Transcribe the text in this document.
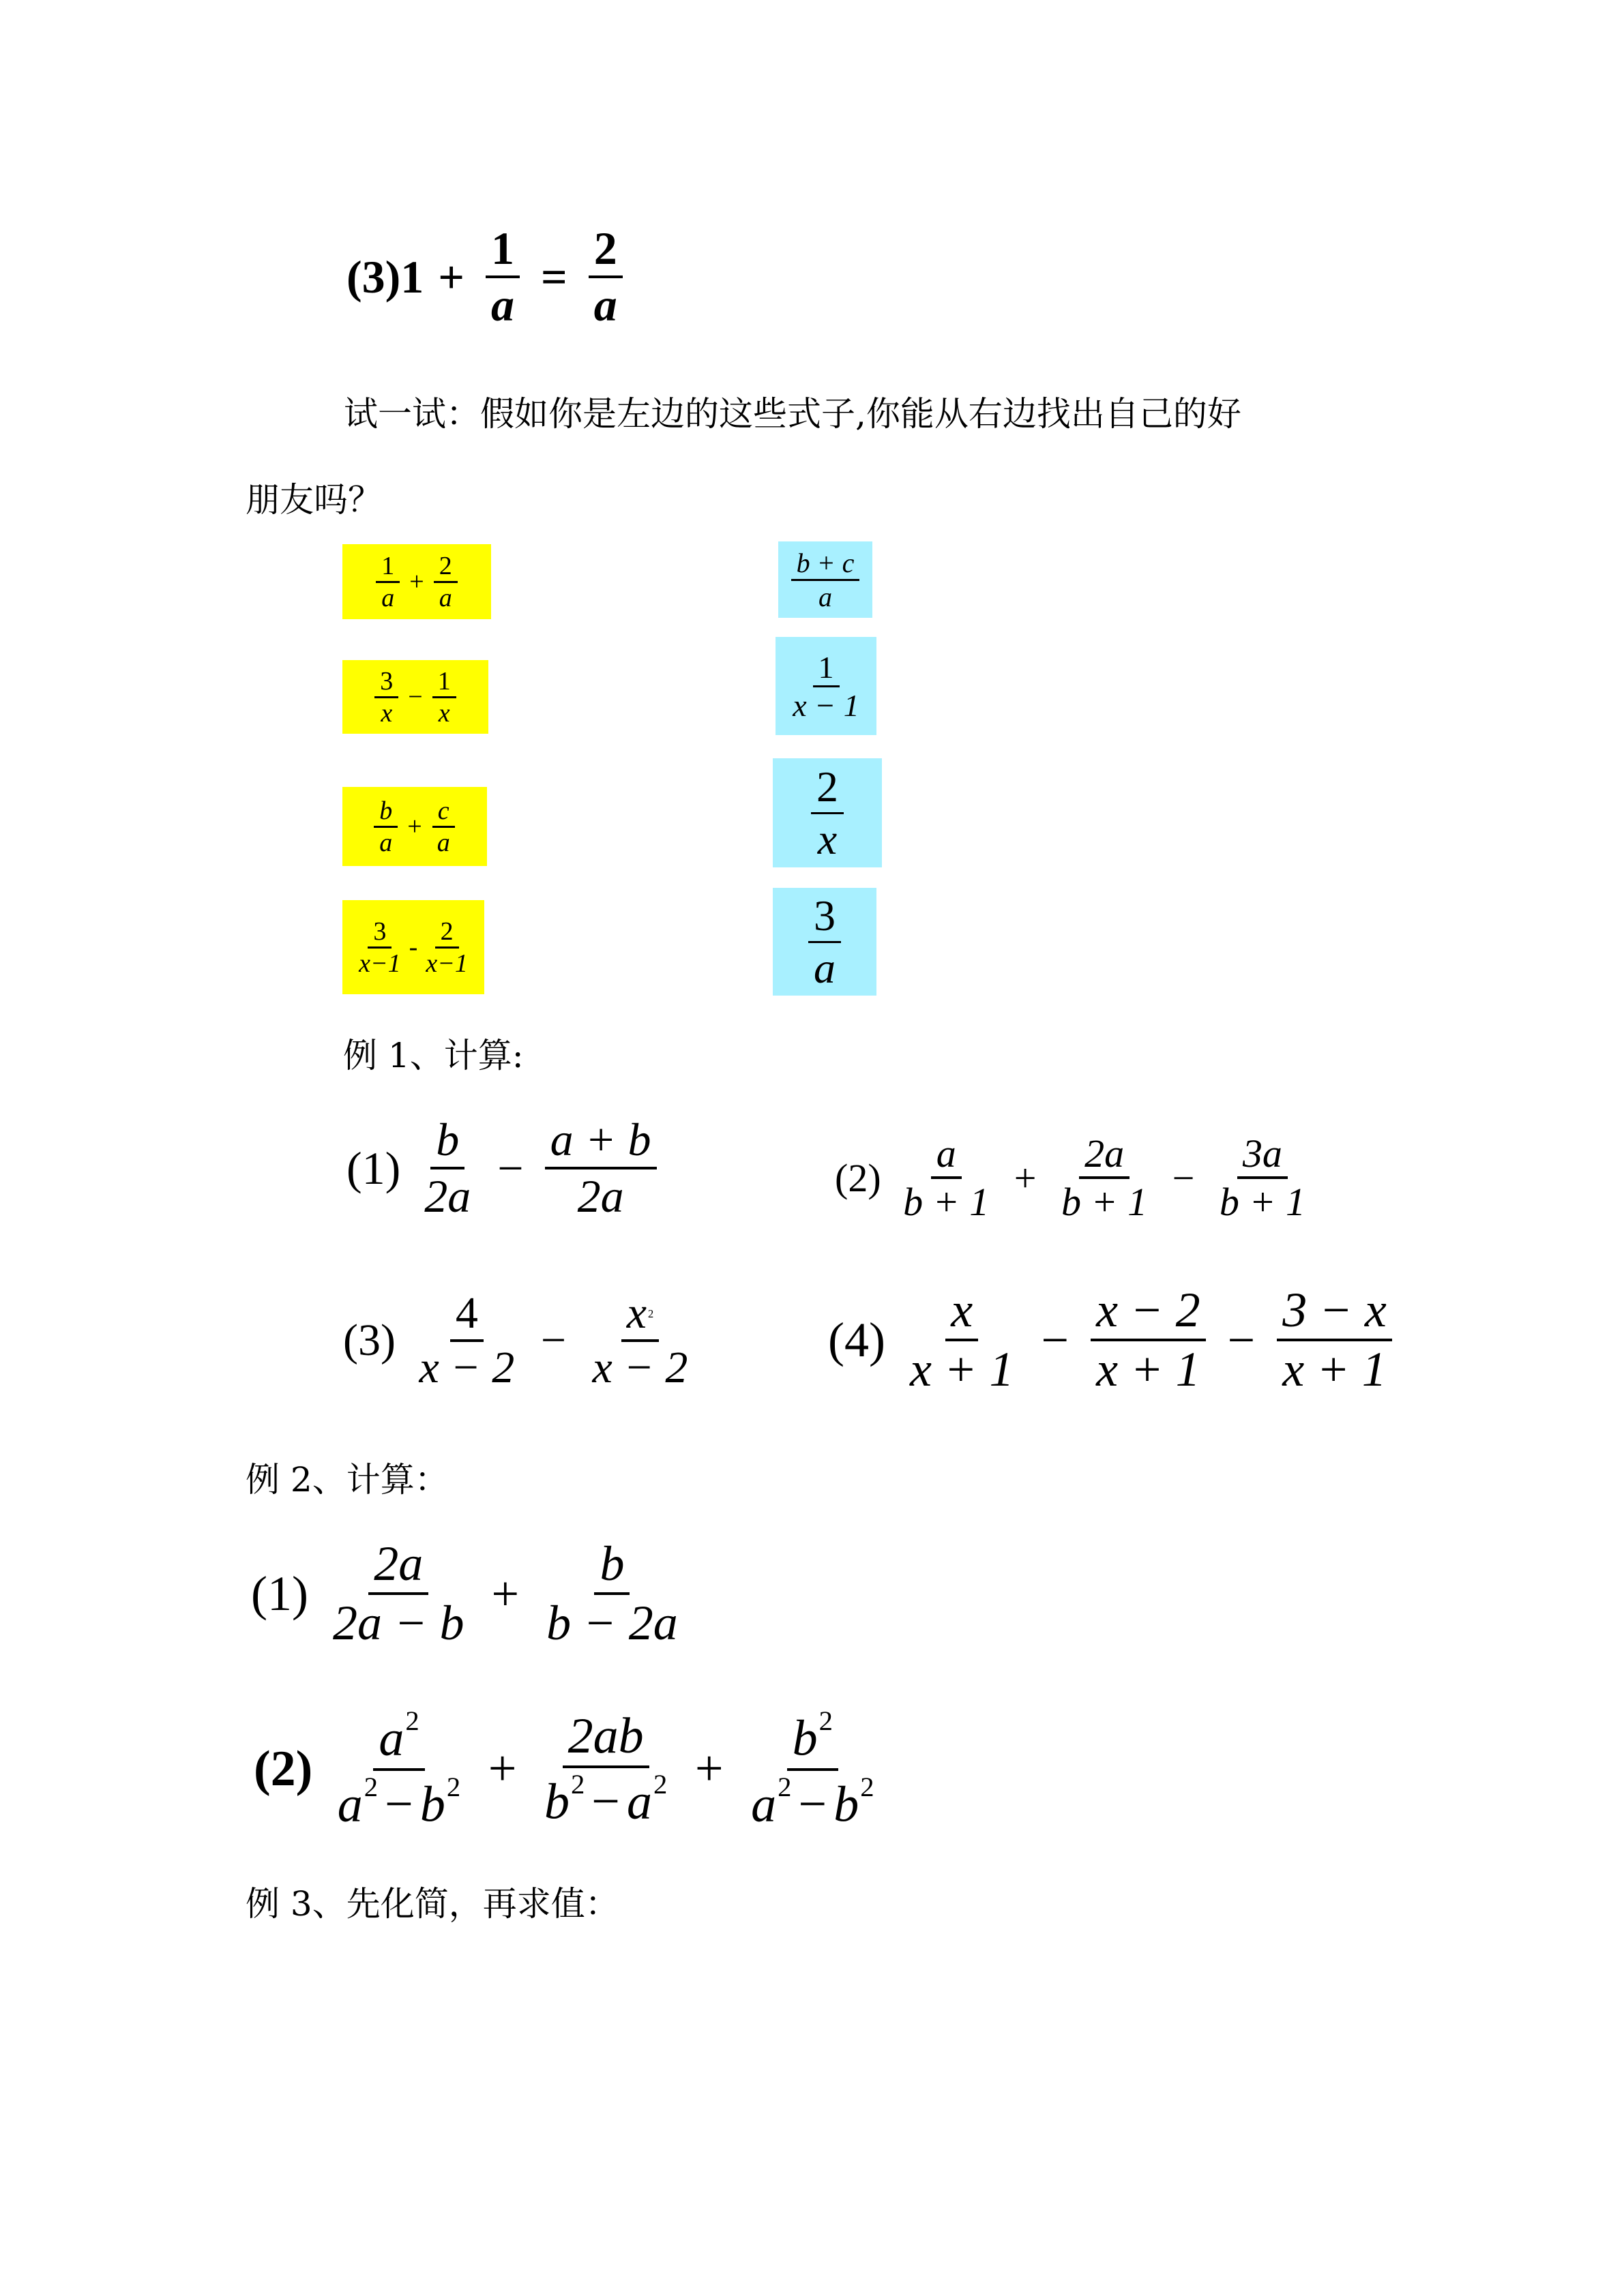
$(3)1 + \frac{1}{a} = \frac{2}{a}$
试一试：假如你是左边的这些式子,你能从右边找出自己的好
朋友吗？
$\frac{1}{a} + \frac{2}{a}$
$\frac{3}{x} - \frac{1}{x}$
$\frac{b}{a} + \frac{c}{a}$
$\frac{3}{x-1} - \frac{2}{x-1}$
$\frac{b + c}{a}$
$\frac{1}{x - 1}$
$\frac{2}{x}$
$\frac{3}{a}$
例 1、计算:
$(1) \frac{b}{2a} - \frac{a + b}{2a}$	$(2) \frac{a}{b + 1} + \frac{2a}{b + 1} - \frac{3a}{b + 1}$
$(3) \frac{4}{x - 2} - \frac{x ^2}{x - 2}$	$(4) \frac{x}{x + 1} - \frac{x - 2}{x + 1} - \frac{3 - x}{x + 1}$
例 2、计算：
$(1) \frac{2a}{2a - b} + \frac{b}{b - 2a}$
$(2) \frac{a^2}{a^2 - b^2} + \frac{2ab}{b^2 - a^2} + \frac{b^2}{a^2 - b^2}$
例 3、先化简，再求值：
